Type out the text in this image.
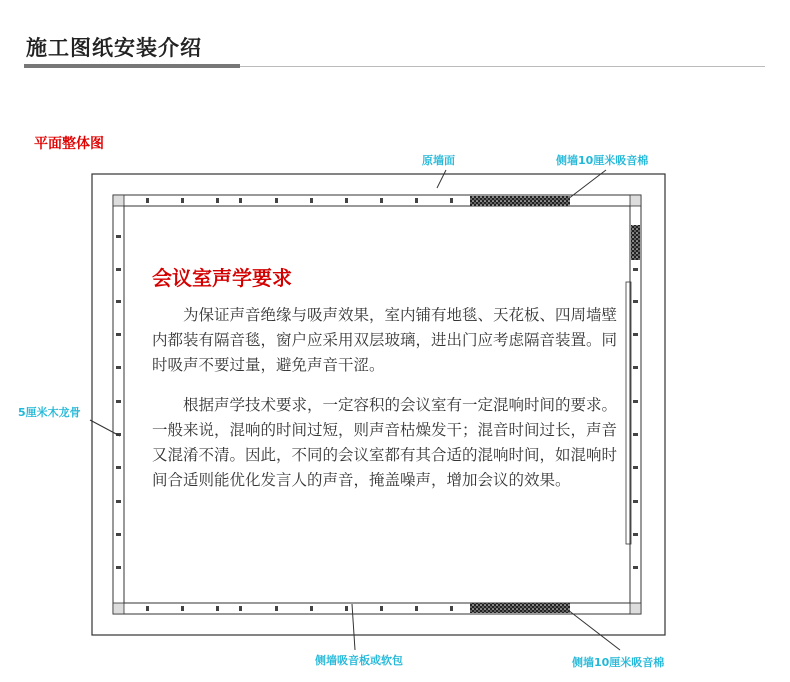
施工图纸安装介绍
平面整体图
原墙面	侧墙10厘米吸音棉
5厘米木龙骨
侧墙吸音板或软包	侧墙10厘米吸音棉
会议室声学要求

为保证声音绝缘与吸声效果，室内铺有地毯、天花板、四周墙壁内都装有隔音毯，窗户应采用双层玻璃，进出门应考虑隔音装置。同时吸声不要过量，避免声音干涩。

根据声学技术要求，一定容积的会议室有一定混响时间的要求。一般来说，混响的时间过短，则声音枯燥发干；混音时间过长，声音又混淆不清。因此，不同的会议室都有其合适的混响时间，如混响时间合适则能优化发言人的声音，掩盖噪声，增加会议的效果。
